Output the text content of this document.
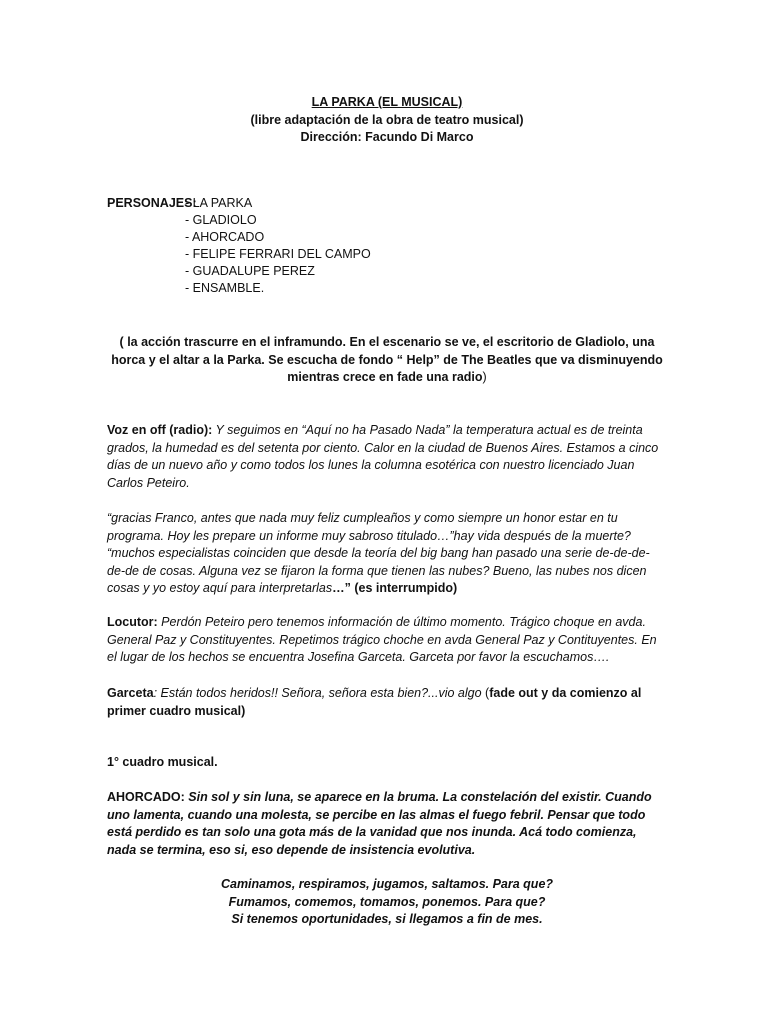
LA PARKA (EL MUSICAL)

(libre adaptación de la obra de teatro musical)

Dirección: Facundo Di Marco

PERSONAJES:- LA PARKA
- GLADIOLO
- AHORCADO
- FELIPE FERRARI DEL CAMPO
- GUADALUPE PEREZ
- ENSAMBLE.

( la acción trascurre en el inframundo. En el escenario se ve, el escritorio de Gladiolo, una horca y el altar a la Parka. Se escucha de fondo “ Help” de The Beatles que va disminuyendo mientras crece en fade una radio)

Voz en off (radio): Y seguimos en “Aquí no ha Pasado Nada” la temperatura actual es de treinta grados, la humedad es del setenta por ciento. Calor en la ciudad de Buenos Aires. Estamos a cinco días de un nuevo año y como todos los lunes la columna esotérica con nuestro licenciado Juan Carlos Peteiro.

“gracias Franco, antes que nada muy feliz cumpleaños y como siempre un honor estar en tu programa. Hoy les prepare un informe muy sabroso titulado…”hay vida después de la muerte? “muchos especialistas coinciden que desde la teoría del big bang han pasado una serie de-de-de-de-de de cosas. Alguna vez se fijaron la forma que tienen las nubes? Bueno, las nubes nos dicen cosas y yo estoy aquí para interpretarlas…” (es interrumpido)

Locutor: Perdón Peteiro pero tenemos información de último momento. Trágico choque en avda. General Paz y Constituyentes. Repetimos trágico choche en avda General Paz y Contituyentes. En el lugar de los hechos se encuentra Josefina Garceta. Garceta por favor la escuchamos….

Garceta: Están todos heridos!! Señora, señora esta bien?...vio algo (fade out y da comienzo al primer cuadro musical)

1° cuadro musical.

AHORCADO: Sin sol y sin luna, se aparece en la bruma. La constelación del existir. Cuando uno lamenta, cuando una molesta, se percibe en las almas el fuego febril. Pensar que todo está perdido es tan solo una gota más de la vanidad que nos inunda. Acá todo comienza, nada se termina, eso si, eso depende de insistencia evolutiva.

Caminamos, respiramos, jugamos, saltamos. Para que?

Fumamos, comemos, tomamos, ponemos. Para que?

Si tenemos oportunidades, si llegamos a fin de mes.
